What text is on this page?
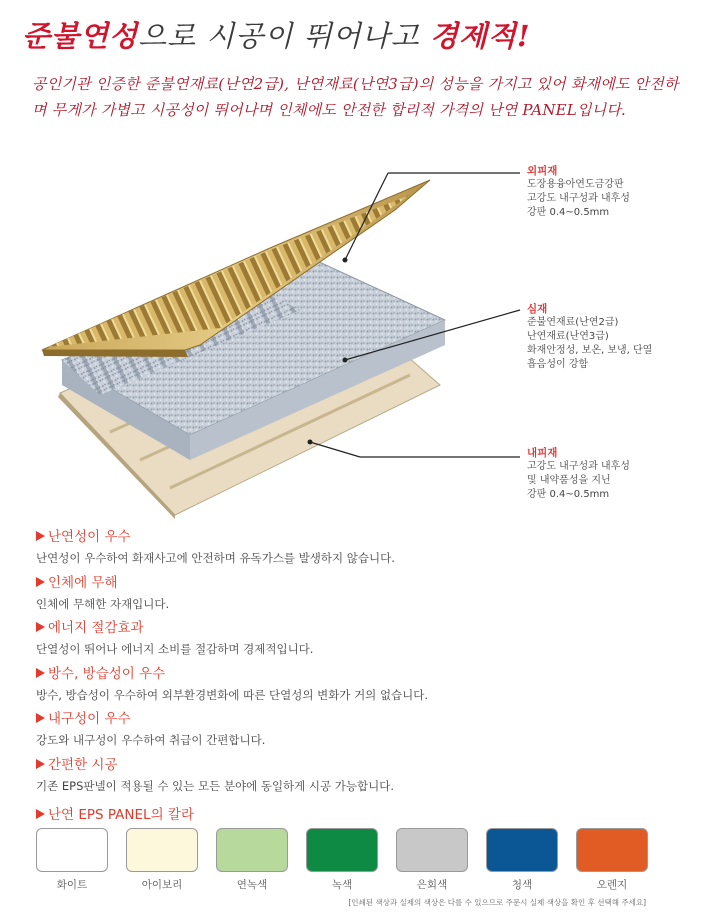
준불연성으로 시공이 뛰어나고 경제적!
공인기관 인증한 준불연재료(난연2급), 난연재료(난연3급)의 성능을 가지고 있어 화재에도 안전하며 무게가 가볍고 시공성이 뛰어나며 인체에도 안전한 합리적 가격의 난연 PANEL입니다.
외피재
도장용융아연도금강판
고강도 내구성과 내후성
강판 0.4~0.5mm
심재
준불연재료(난연2급)
난연재료(난연3급)
화재안정성, 보온, 보냉, 단열
흡음성이 강함
내피재
고강도 내구성과 내후성
및 내약품성을 지닌
강판 0.4~0.5mm
난연성이 우수
난연성이 우수하여 화재사고에 안전하며 유독가스를 발생하지 않습니다.
인체에 무해
인체에 무해한 자재입니다.
에너지 절감효과
단열성이 뛰어나 에너지 소비를 절감하며 경제적입니다.
방수, 방습성이 우수
방수, 방습성이 우수하여 외부환경변화에 따른 단열성의 변화가 거의 없습니다.
내구성이 우수
강도와 내구성이 우수하여 취급이 간편합니다.
간편한 시공
기존 EPS판넬이 적용될 수 있는 모든 분야에 동일하게 시공 가능합니다.
난연 EPS PANEL의 칼라
화이트	아이보리	연녹색	녹색	은회색	청색	오렌지
[인쇄된 색상과 실제의 색상은 다를 수 있으므로 주문시 실제 색상을 확인 후 선택해 주세요]
